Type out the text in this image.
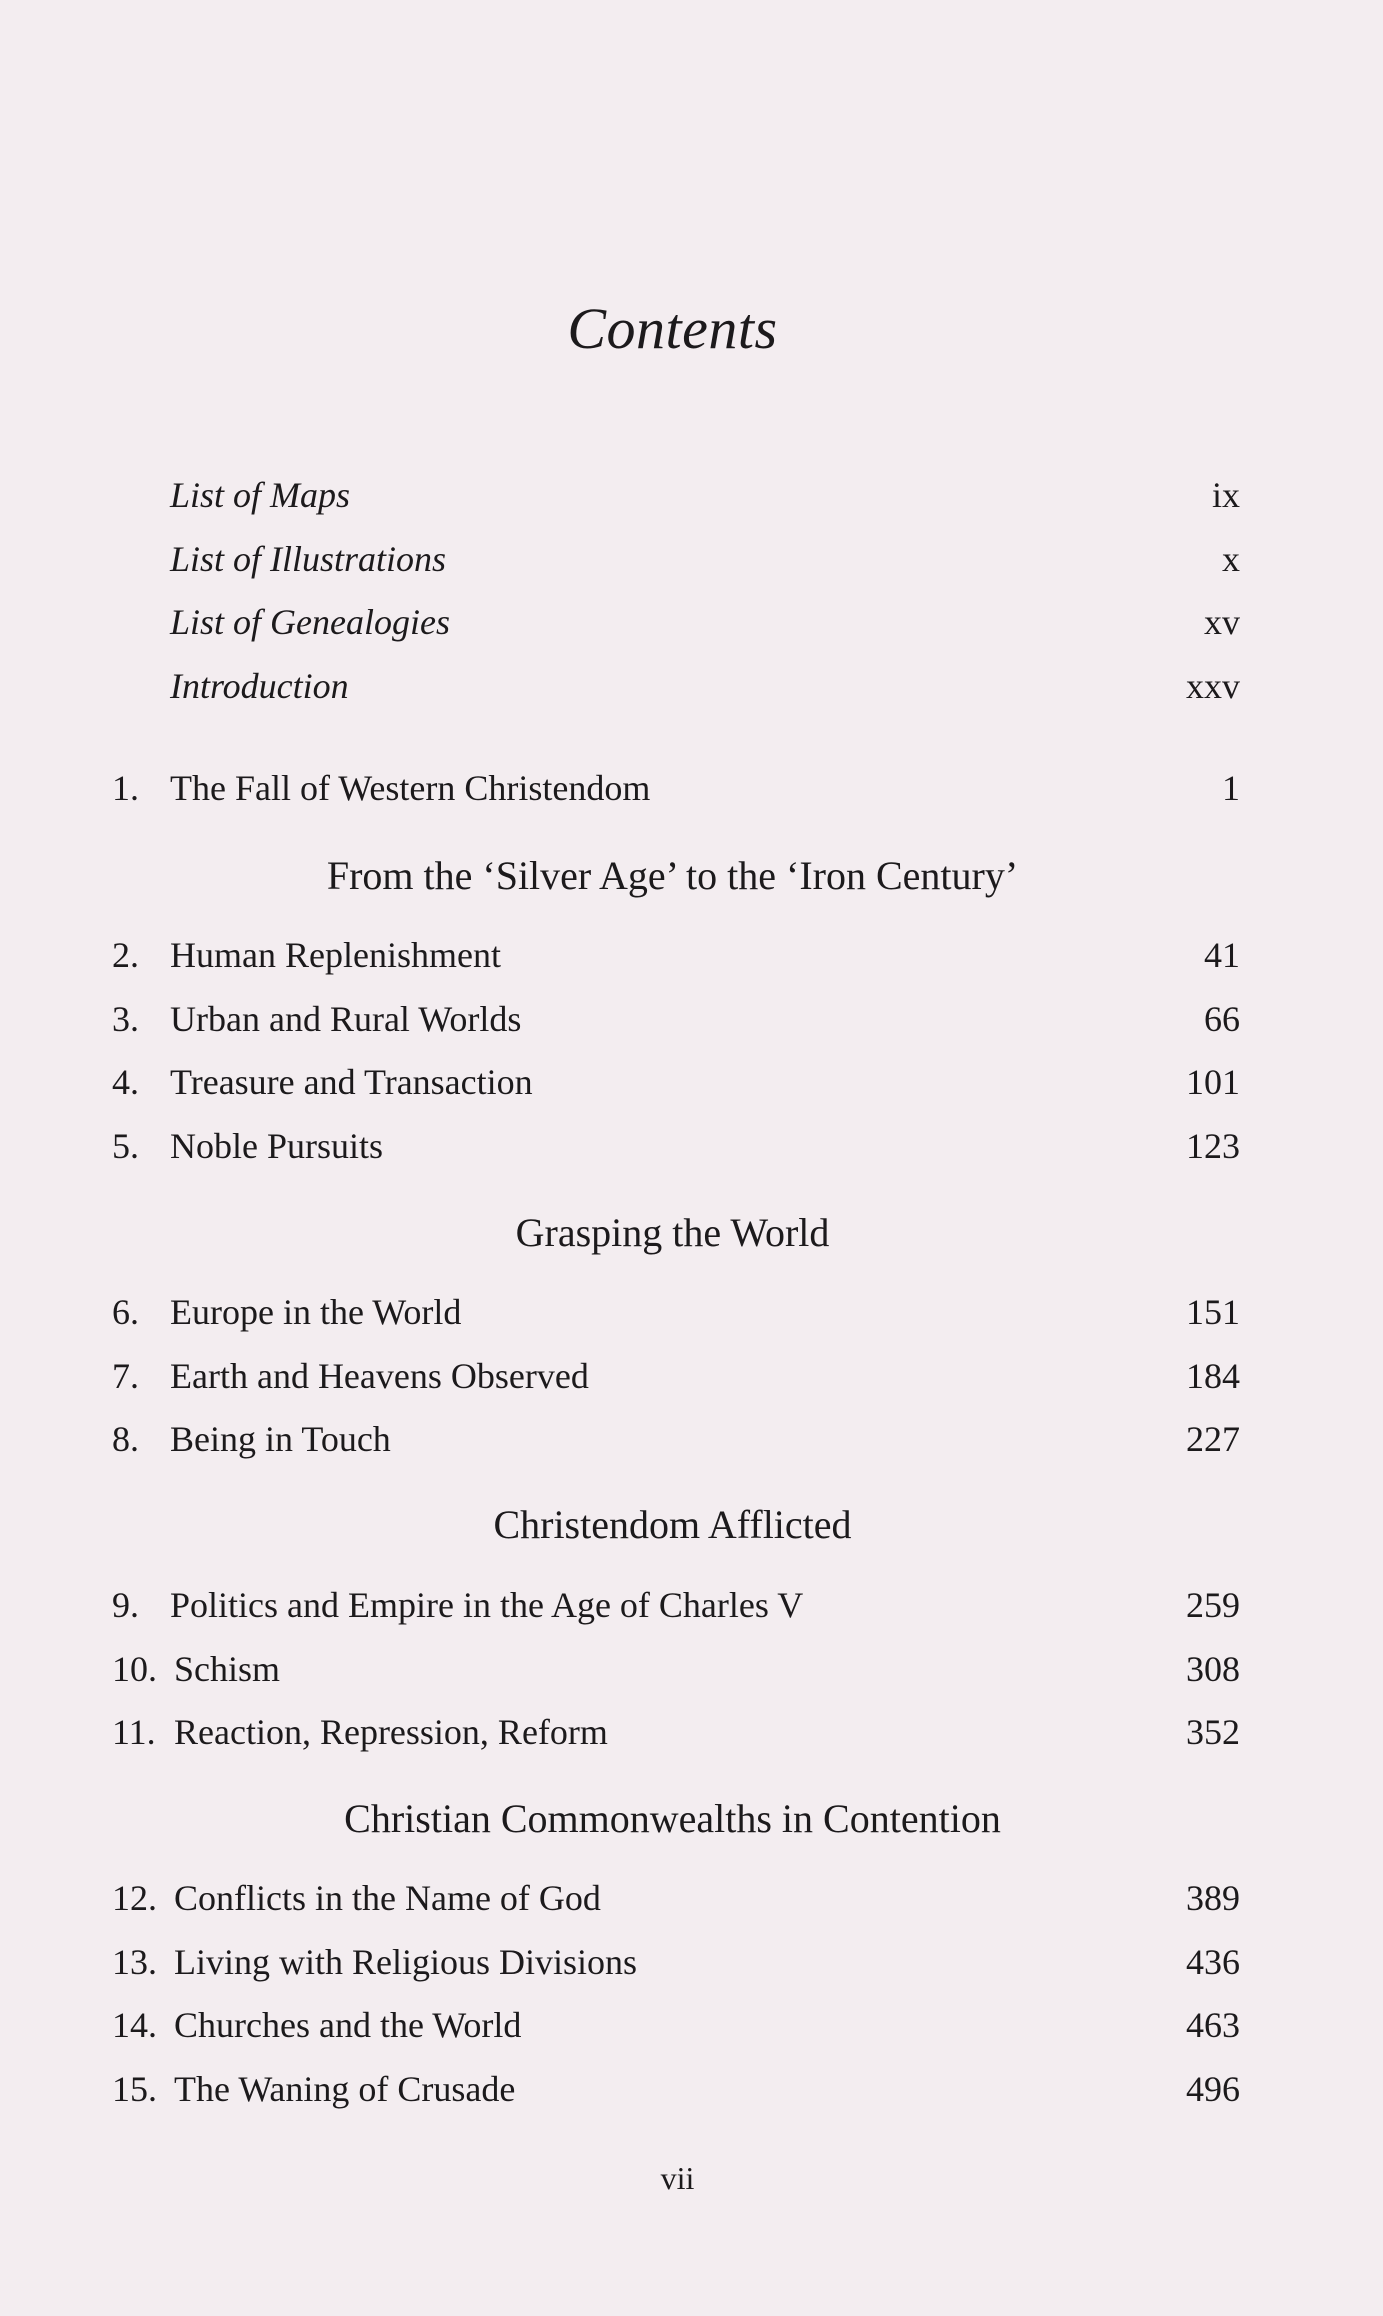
Contents
List of Maps	ix
List of Illustrations	x
List of Genealogies	xv
Introduction	xxv
1. The Fall of Western Christendom	1
From the ‘Silver Age’ to the ‘Iron Century’
2. Human Replenishment	41
3. Urban and Rural Worlds	66
4. Treasure and Transaction	101
5. Noble Pursuits	123
Grasping the World
6. Europe in the World	151
7. Earth and Heavens Observed	184
8. Being in Touch	227
Christendom Afflicted
9. Politics and Empire in the Age of Charles V	259
10. Schism	308
11. Reaction, Repression, Reform	352
Christian Commonwealths in Contention
12. Conflicts in the Name of God	389
13. Living with Religious Divisions	436
14. Churches and the World	463
15. The Waning of Crusade	496
vii
